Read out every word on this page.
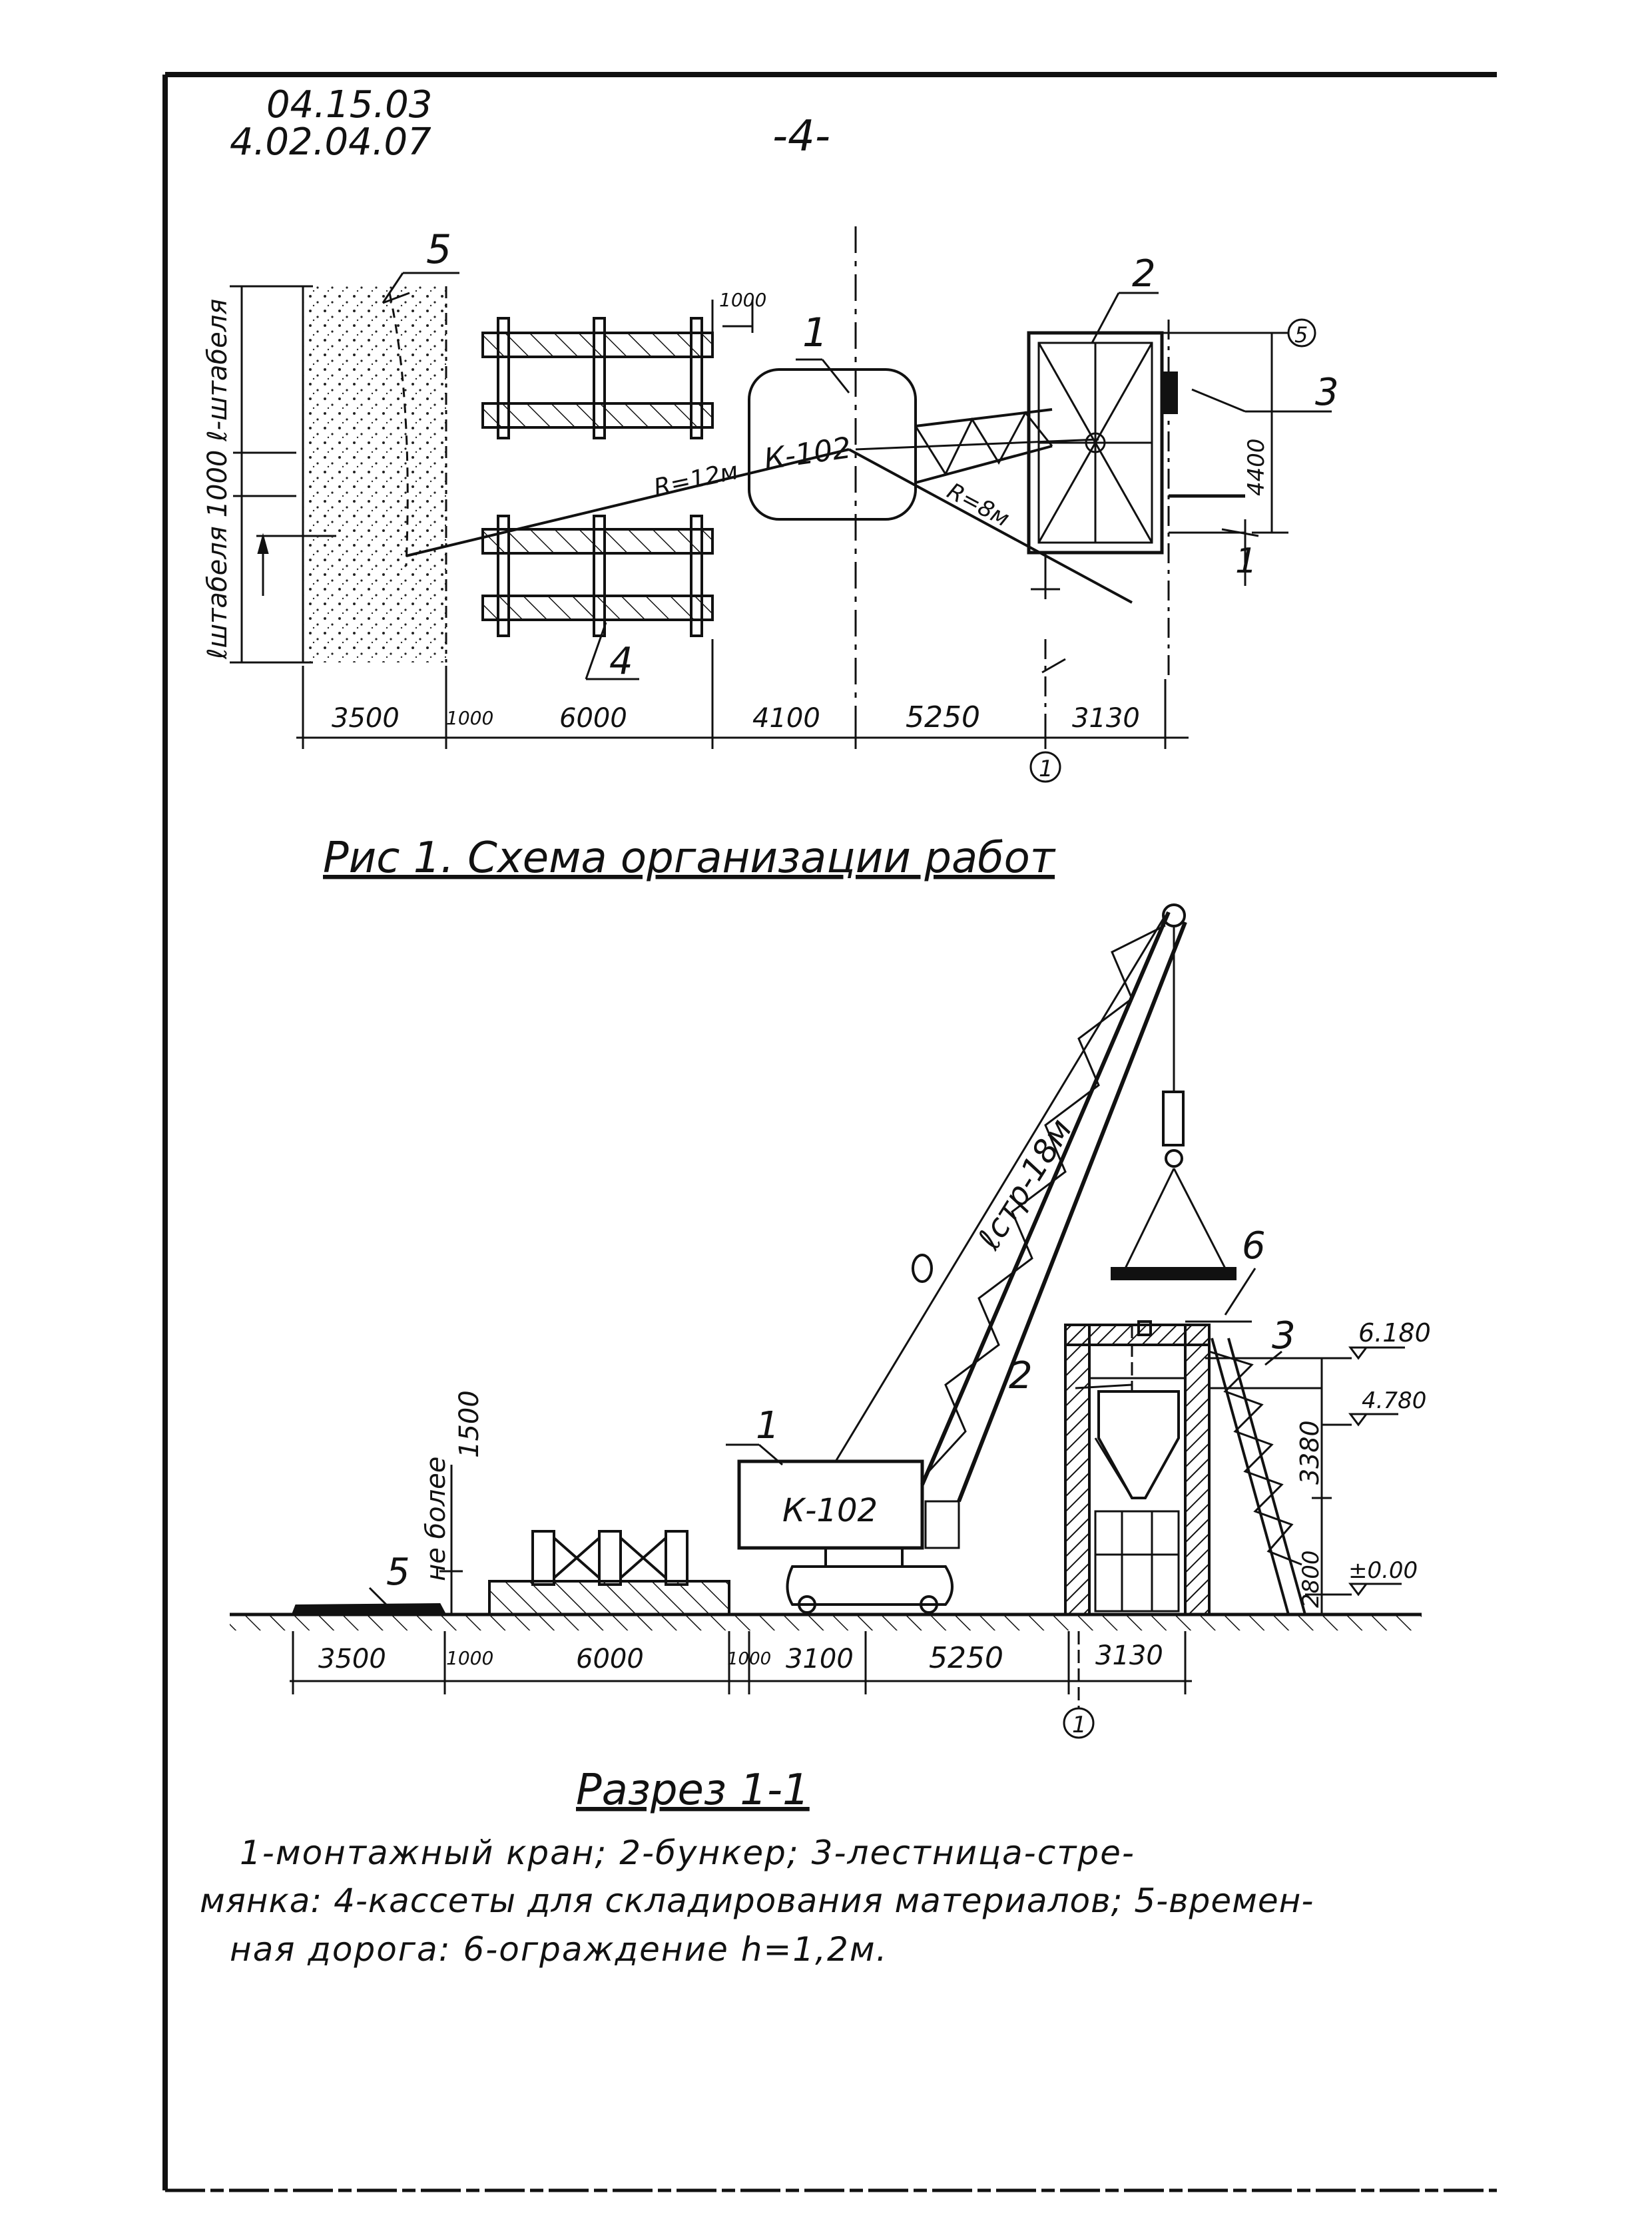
04.15.03
4.02.04.07	-4-
ℓштабеля 1000 ℓ-штабеля
5
1000
1
К-102
R=12м	R=8м
2
5
3
4400
1
4
3500	1000 6000	4100	5250	3130
1
Рис 1. Схема организации работ
1
К-102
ℓстр-18м
не более
1500
5
6
2
3 6.180
4.780
±0.00
3380
2800
3500	1000	6000	1000 3100	5250	3130
1
Разрез 1-1
1-монтажный кран; 2-бункер; 3-лестница-стре-
мянка: 4-кассеты для складирования материалов; 5-времен-
ная дорога: 6-ограждение h=1,2м.
